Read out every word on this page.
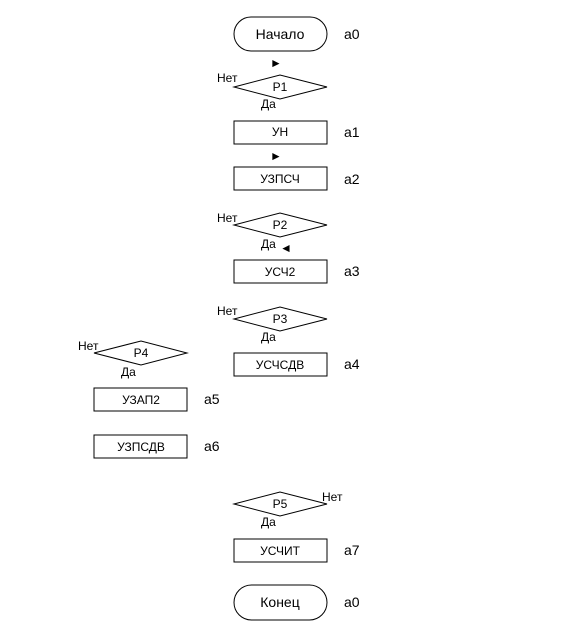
Начало	a0
►
P1
Нет
Да
УН	a1
►
УЗПСЧ	a2
P2
Нет
Да ◄
УСЧ2	a3
P3
Нет
Да
УСЧСДВ	a4
P4
Нет
Да
УЗАП2	a5
УЗПСДВ	a6
P5	Нет
Да
УСЧИТ	a7
Конец	a0
